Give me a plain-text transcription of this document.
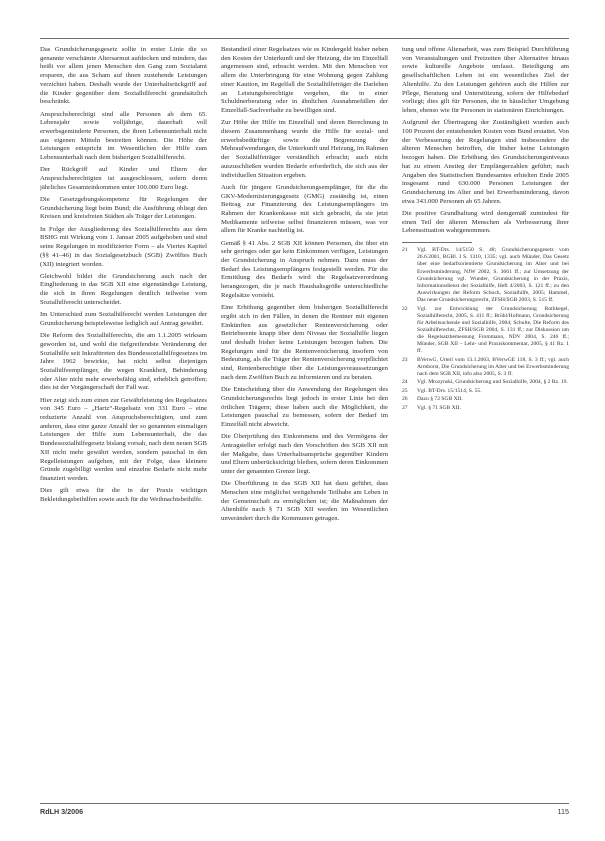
Das Grundsicherungsgesetz sollte in erster Linie die so genannte verschämte Altersarmut aufdecken und mindern, das heißt vor allem jenen Menschen den Gang zum Sozialamt ersparen, die aus Scham auf ihnen zustehende Leistungen verzichtet haben. Deshalb wurde der Unterhaltsrückgriff auf die Kinder gegenüber dem Sozialhilferecht grundsätzlich beschränkt.

Anspruchsberechtigt sind alle Personen ab dem 65. Lebensjahr sowie volljährige, dauerhaft voll erwerbsgeminderte Personen, die ihren Lebensunterhalt nicht aus eigenen Mitteln bestreiten können. Die Höhe der Leistungen entspricht im Wesentlichen der Hilfe zum Lebensunterhalt nach dem bisherigen Sozialhilferecht.

Der Rückgriff auf Kinder und Eltern der Anspruchsberechtigten ist ausgeschlossen, sofern deren jährliches Gesamteinkommen unter 100.000 Euro liegt.

Die Gesetzgebungskompetenz für Regelungen der Grundsicherung liegt beim Bund; die Ausführung obliegt den Kreisen und kreisfreien Städten als Träger der Leistungen.

In Folge der Ausgliederung des Sozialhilferechts aus dem BSHG mit Wirkung vom 1. Januar 2005 aufgehoben und sind seine Regelungen in modifizierter Form – als Viertes Kapitel (§§ 41–46) in das Sozialgesetzbuch (SGB) Zwölftes Buch (XII) integriert worden.

Gleichwohl bildet die Grundsicherung auch nach der Eingliederung in das SGB XII eine eigenständige Leistung, die sich in ihren Regelungen deutlich teilweise vom Sozialhilferecht unterscheidet.

Im Unterschied zum Sozialhilferecht werden Leistungen der Grundsicherung beispielsweise lediglich auf Antrag gewährt.

Die Reform des Sozialhilferechts, die am 1.1.2005 wirksam geworden ist, und wohl die tiefgreifendste Veränderung der Sozialhilfe seit Inkrafttreten des Bundessozialhilfegesetzes im Jahre 1962 bewirkte, hat nicht selbst diejenigen Sozialhilfeempfänger, die wegen Krankheit, Behinderung oder Alter nicht mehr erwerbsfähig sind, erheblich getroffen; dies ist der Vorgängerschaft der Fall war.

Hier zeigt sich zum einen zur Gewährleistung des Regelsatzes von 345 Euro – „Hartz“-Regelsatz von 331 Euro – eine reduzierte Anzahl von Anspruchsberechtigten, und zum anderen, dass eine ganze Anzahl der so genannten einmaligen Leistungen der Hilfe zum Lebensunterhalt, die das Bundessozialhilfegesetz bislang vorsah, nach dem neuen SGB XII nicht mehr gewährt werden, sondern pauschal in den Regelleistungen aufgehen, mit der Folge, dass kleinere Gründe zugebilligt werden und einzelne Bedarfe nicht mehr finanziert werden.

Dies gilt etwa für die in der Praxis wichtigen Bekleidungsbeihilfen sowie auch für die Weihnachtsbeihilfe.

Bestandteil einer Regelsatzes wie es Kindergeld bisher neben den Kosten der Unterkunft und der Heizung, die im Einzelfall angemessen sind, erbracht werden. Mit den Menschen vor allem die Unterbringung für eine Wohnung gegen Zahlung einer Kaution, im Regelfall die Sozialhilfeträger die Darlehen an Leistungsberechtigte vergeben, die in einer Schuldnerberatung oder in ähnlichen Ausnahmefällen der Einzelfall-Sachverhalte zu bewilligen sind.

Zur Höhe der Hilfe im Einzelfall und deren Berechnung in diesem Zusammenhang wurde die Hilfe für sozial- und erwerbsbedürftige sowie die Begrenzung der Mehraufwendungen, die Unterkunft und Heizung, im Rahmen der Sozialhilfeträger verständlich erbracht; auch nicht auszuschließen wurden Bedarfe erforderlich, die sich aus der individuellen Situation ergeben.

Auch für jüngere Grundsicherungsempfänger, für die die GKV-Modernisierungsgesetz (GMG) zuständig ist, einen Beitrag zur Finanzierung des Leistungsempfängers im Rahmen der Krankenkasse mit sich gebracht, da sie jetzt Medikamente teilweise selbst finanzieren müssen, was vor allem für Kranke nachteilig ist.

Gemäß § 41 Abs. 2 SGB XII können Personen, die über ein sehr geringes oder gar kein Einkommen verfügen, Leistungen der Grundsicherung in Anspruch nehmen. Dazu muss der Bedarf des Leistungsempfängers festgestellt werden. Für die Ermittlung des Bedarfs wird die Regelsatzverordnung herangezogen, die je nach Haushaltsgröße unterschiedliche Regelsätze vorsieht.

Eine Erhöhung gegenüber dem bisherigen Sozialhilferecht ergibt sich in den Fällen, in denen die Rentner mit eigenen Einkünften aus gesetzlicher Rentenversicherung oder Betriebsrente knapp über dem Niveau der Sozialhilfe liegen und deshalb bisher keine Leistungen bezogen haben. Die Regelungen sind für die Rentenversicherung insofern von Bedeutung, als die Träger der Rentenversicherung verpflichtet sind, Rentenberechtigte über die Leistungsvoraussetzungen nach dem Zwölften Buch zu informieren und zu beraten.

Die Entscheidung über die Anwendung der Regelungen des Grundsicherungsrechts liegt jedoch in erster Linie bei den örtlichen Trägern; diese haben auch die Möglichkeit, die Leistungen pauschal zu bemessen, sofern der Bedarf im Einzelfall nicht abweicht.

Die Überprüfung des Einkommens und des Vermögens der Antragsteller erfolgt nach den Vorschriften des SGB XII mit der Maßgabe, dass Unterhaltsansprüche gegenüber Kindern und Eltern unberücksichtigt bleiben, sofern deren Einkommen unter der genannten Grenze liegt.

Die Überführung in das SGB XII hat dazu geführt, dass Menschen eine möglichst weitgehende Teilhabe am Leben in der Gemeinschaft zu ermöglichen ist; die Maßnahmen der Altenhilfe nach § 71 SGB XII werden im Wesentlichen unverändert durch die Kommunen getragen.

tung und offene Altenarbeit, was zum Beispiel Durchführung von Veranstaltungen und Freizeiten über Alternative hinaus sowie kulturelle Angebote umfasst. Beteiligung am gesellschaftlichen Leben ist ein wesentliches Ziel der Altenhilfe. Zu den Leistungen gehören auch die Hilfen zur Pflege, Beratung und Unterstützung, sofern der Hilfebedarf vorliegt; dies gilt für Personen, die in häuslicher Umgebung leben, ebenso wie für Personen in stationären Einrichtungen.

Aufgrund der Übertragung der Zuständigkeit wurden auch 100 Prozent der entstehenden Kosten vom Bund erstattet. Von der Verbesserung der Regelungen sind insbesondere die älteren Menschen betroffen, die bisher keine Leistungen bezogen haben. Die Erhöhung des Grundsicherungsniveaus hat zu einem Anstieg der Empfängerzahlen geführt; nach Angaben des Statistischen Bundesamtes erhielten Ende 2005 insgesamt rund 630.000 Personen Leistungen der Grundsicherung im Alter und bei Erwerbsminderung, davon etwa 343.000 Personen ab 65 Jahren.

Die positive Grundhaltung wird demgemäß zumindest für einen Teil der älteren Menschen als Verbesserung ihrer Lebenssituation wahrgenommen.

21 Vgl. BT-Drs. 14/5150 S. 48; Grundsicherungsgesetz vom 26.6.2001, BGBl. I S. 1310, 1335; vgl. auch Münder, Das Gesetz über eine bedarfsorientierte Grundsicherung im Alter und bei Erwerbsminderung, NJW 2002, S. 3661 ff.; zur Umsetzung der Grundsicherung vgl. Wunder, Grundsicherung in der Praxis, Informationsdienst der Sozialhilfe, Heft 4/2003, S. 121 ff.; zu den Auswirkungen der Reform Schoch, Sozialhilfe, 2005; Hammel, Das neue Grundsicherungsrecht, ZFSH/SGB 2003, S. 515 ff.
22 Vgl. zur Entwicklung der Grundsicherung Rothkegel, Sozialhilferecht, 2005, S. 411 ff.; Brühl/Hofmann, Grundsicherung für Arbeitsuchende und Sozialhilfe, 2004; Schulte, Die Reform des Sozialhilferechts, ZFSH/SGB 2004, S. 131 ff.; zur Diskussion um die Regelsatzbemessung Frommann, NDV 2004, S. 246 ff.; Münder, SGB XII – Lehr- und Praxiskommentar, 2005, § 41 Rz. 1 ff.
23 BVerwG, Urteil vom 13.1.2003, BVerwGE 118, S. 3 ff.; vgl. auch Armborst, Die Grundsicherung im Alter und bei Erwerbsminderung nach dem SGB XII, info also 2005, S. 3 ff.
24 Vgl. Mrozynski, Grundsicherung und Sozialhilfe, 2004, § 2 Rz. 19.
25 Vgl. BT-Drs. 15/1514, S. 55.
26 Dazu § 72 SGB XII.
27 Vgl. § 71 SGB XII.
RdLH 3/2006	115
